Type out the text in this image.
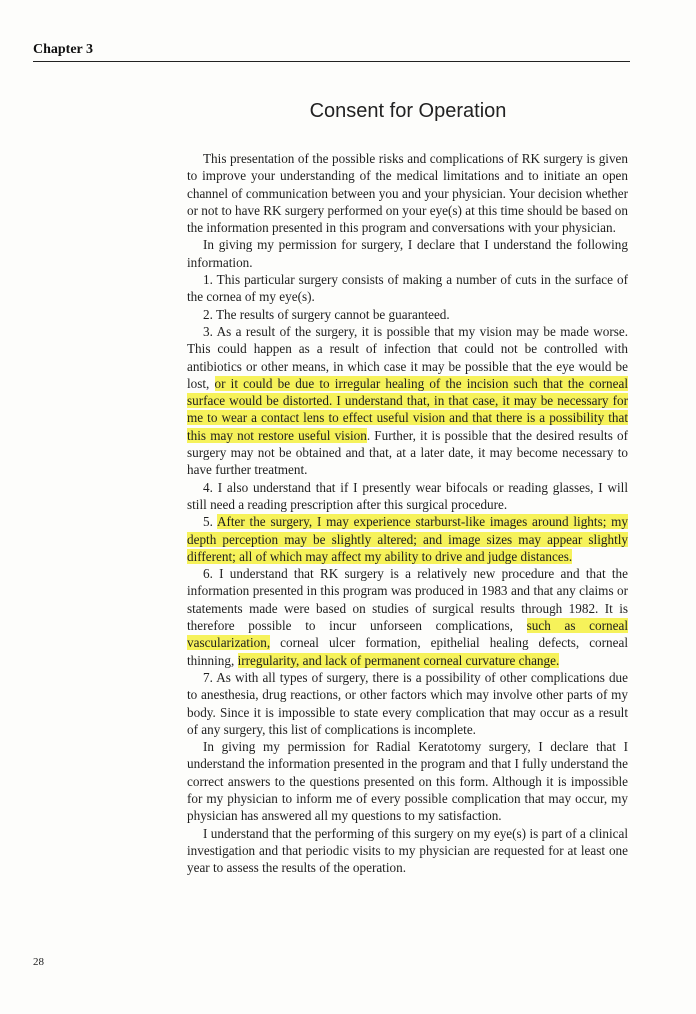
Chapter 3
Consent for Operation

This presentation of the possible risks and complications of RK surgery is given to improve your understanding of the medical limitations and to initiate an open channel of communication between you and your physician. Your decision whether or not to have RK surgery performed on your eye(s) at this time should be based on the information presented in this program and conversations with your physician.

In giving my permission for surgery, I declare that I understand the following information.

1. This particular surgery consists of making a number of cuts in the surface of the cornea of my eye(s).

2. The results of surgery cannot be guaranteed.

3. As a result of the surgery, it is possible that my vision may be made worse. This could happen as a result of infection that could not be controlled with antibiotics or other means, in which case it may be possible that the eye would be lost, or it could be due to irregular healing of the incision such that the corneal surface would be distorted. I understand that, in that case, it may be necessary for me to wear a contact lens to effect useful vision and that there is a possibility that this may not restore useful vision. Further, it is possible that the desired results of surgery may not be obtained and that, at a later date, it may become necessary to have further treatment.

4. I also understand that if I presently wear bifocals or reading glasses, I will still need a reading prescription after this surgical procedure.

5. After the surgery, I may experience starburst-like images around lights; my depth perception may be slightly altered; and image sizes may appear slightly different; all of which may affect my ability to drive and judge distances.

6. I understand that RK surgery is a relatively new procedure and that the information presented in this program was produced in 1983 and that any claims or statements made were based on studies of surgical results through 1982. It is therefore possible to incur unforseen complications, such as corneal vascularization, corneal ulcer formation, epithelial healing defects, corneal thinning, irregularity, and lack of permanent corneal curvature change.

7. As with all types of surgery, there is a possibility of other complications due to anesthesia, drug reactions, or other factors which may involve other parts of my body. Since it is impossible to state every complication that may occur as a result of any surgery, this list of complications is incomplete.

In giving my permission for Radial Keratotomy surgery, I declare that I understand the information presented in the program and that I fully understand the correct answers to the questions presented on this form. Although it is impossible for my physician to inform me of every possible complication that may occur, my physician has answered all my questions to my satisfaction.

I understand that the performing of this surgery on my eye(s) is part of a clinical investigation and that periodic visits to my physician are requested for at least one year to assess the results of the operation.

28
